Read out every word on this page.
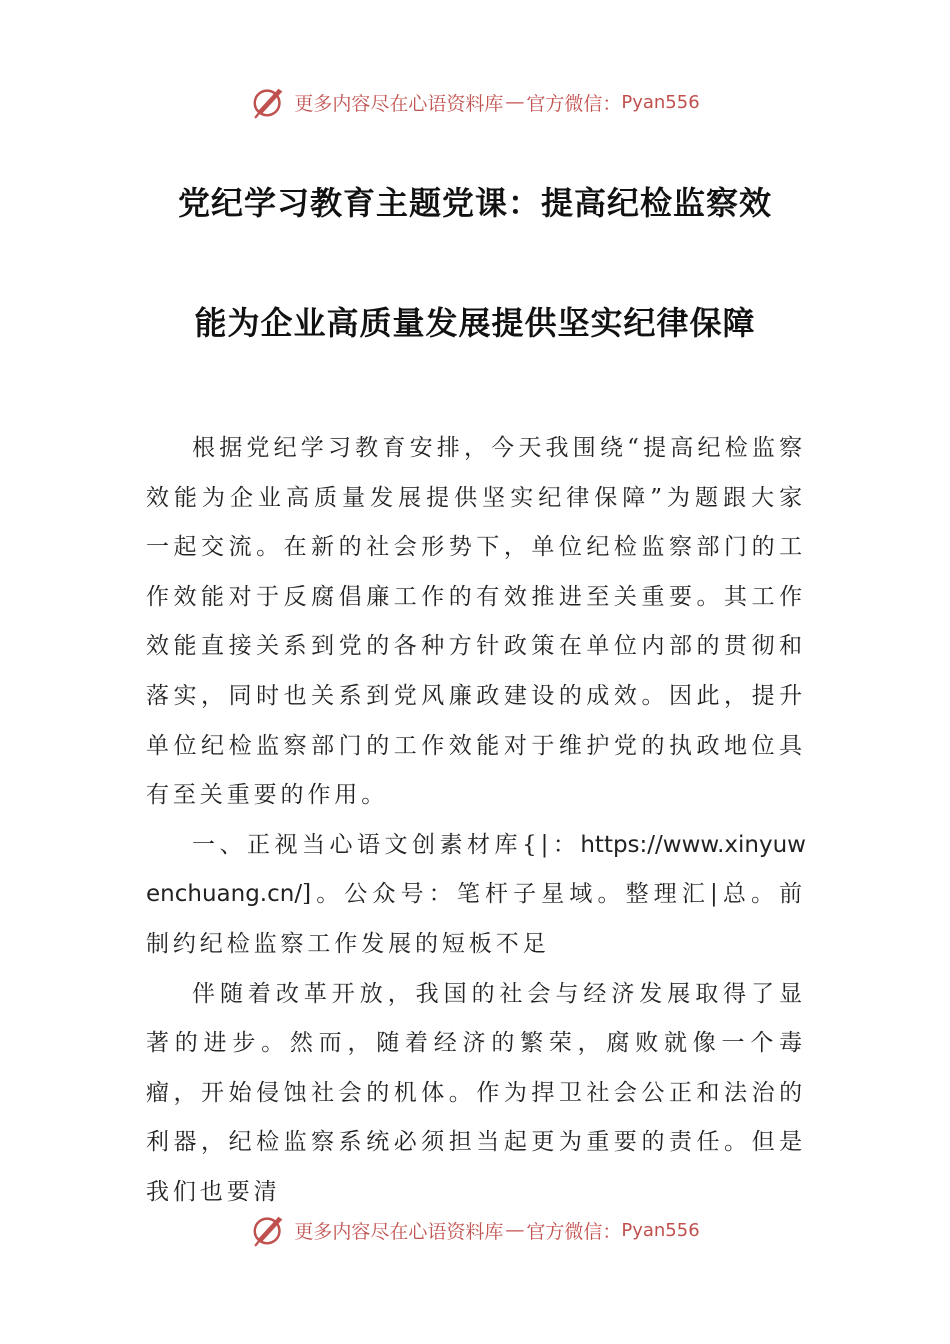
更多内容尽在心语资料库 — 官方微信： Pyan556
党纪学习教育主题党课：提高纪检监察效
能为企业高质量发展提供坚实纪律保障

根据党纪学习教育安排，今天我围绕“提高纪检监察效能为企业高质量发展提供坚实纪律保障”为题跟大家一起交流。在新的社会形势下，单位纪检监察部门的工作效能对于反腐倡廉工作的有效推进至关重要。其工作效能直接关系到党的各种方针政策在单位内部的贯彻和落实，同时也关系到党风廉政建设的成效。因此，提升单位纪检监察部门的工作效能对于维护党的执政地位具有至关重要的作用。

一、正视当心语文创素材库{|：https://www.xinyuwenchuang.cn/]。公众号：笔杆子星域。整理汇|总。前制约纪检监察工作发展的短板不足

伴随着改革开放，我国的社会与经济发展取得了显著的进步。然而，随着经济的繁荣，腐败就像一个毒瘤，开始侵蚀社会的机体。作为捍卫社会公正和法治的利器，纪检监察系统必须担当起更为重要的责任。但是我们也要清

更多内容尽在心语资料库 — 官方微信： Pyan556
